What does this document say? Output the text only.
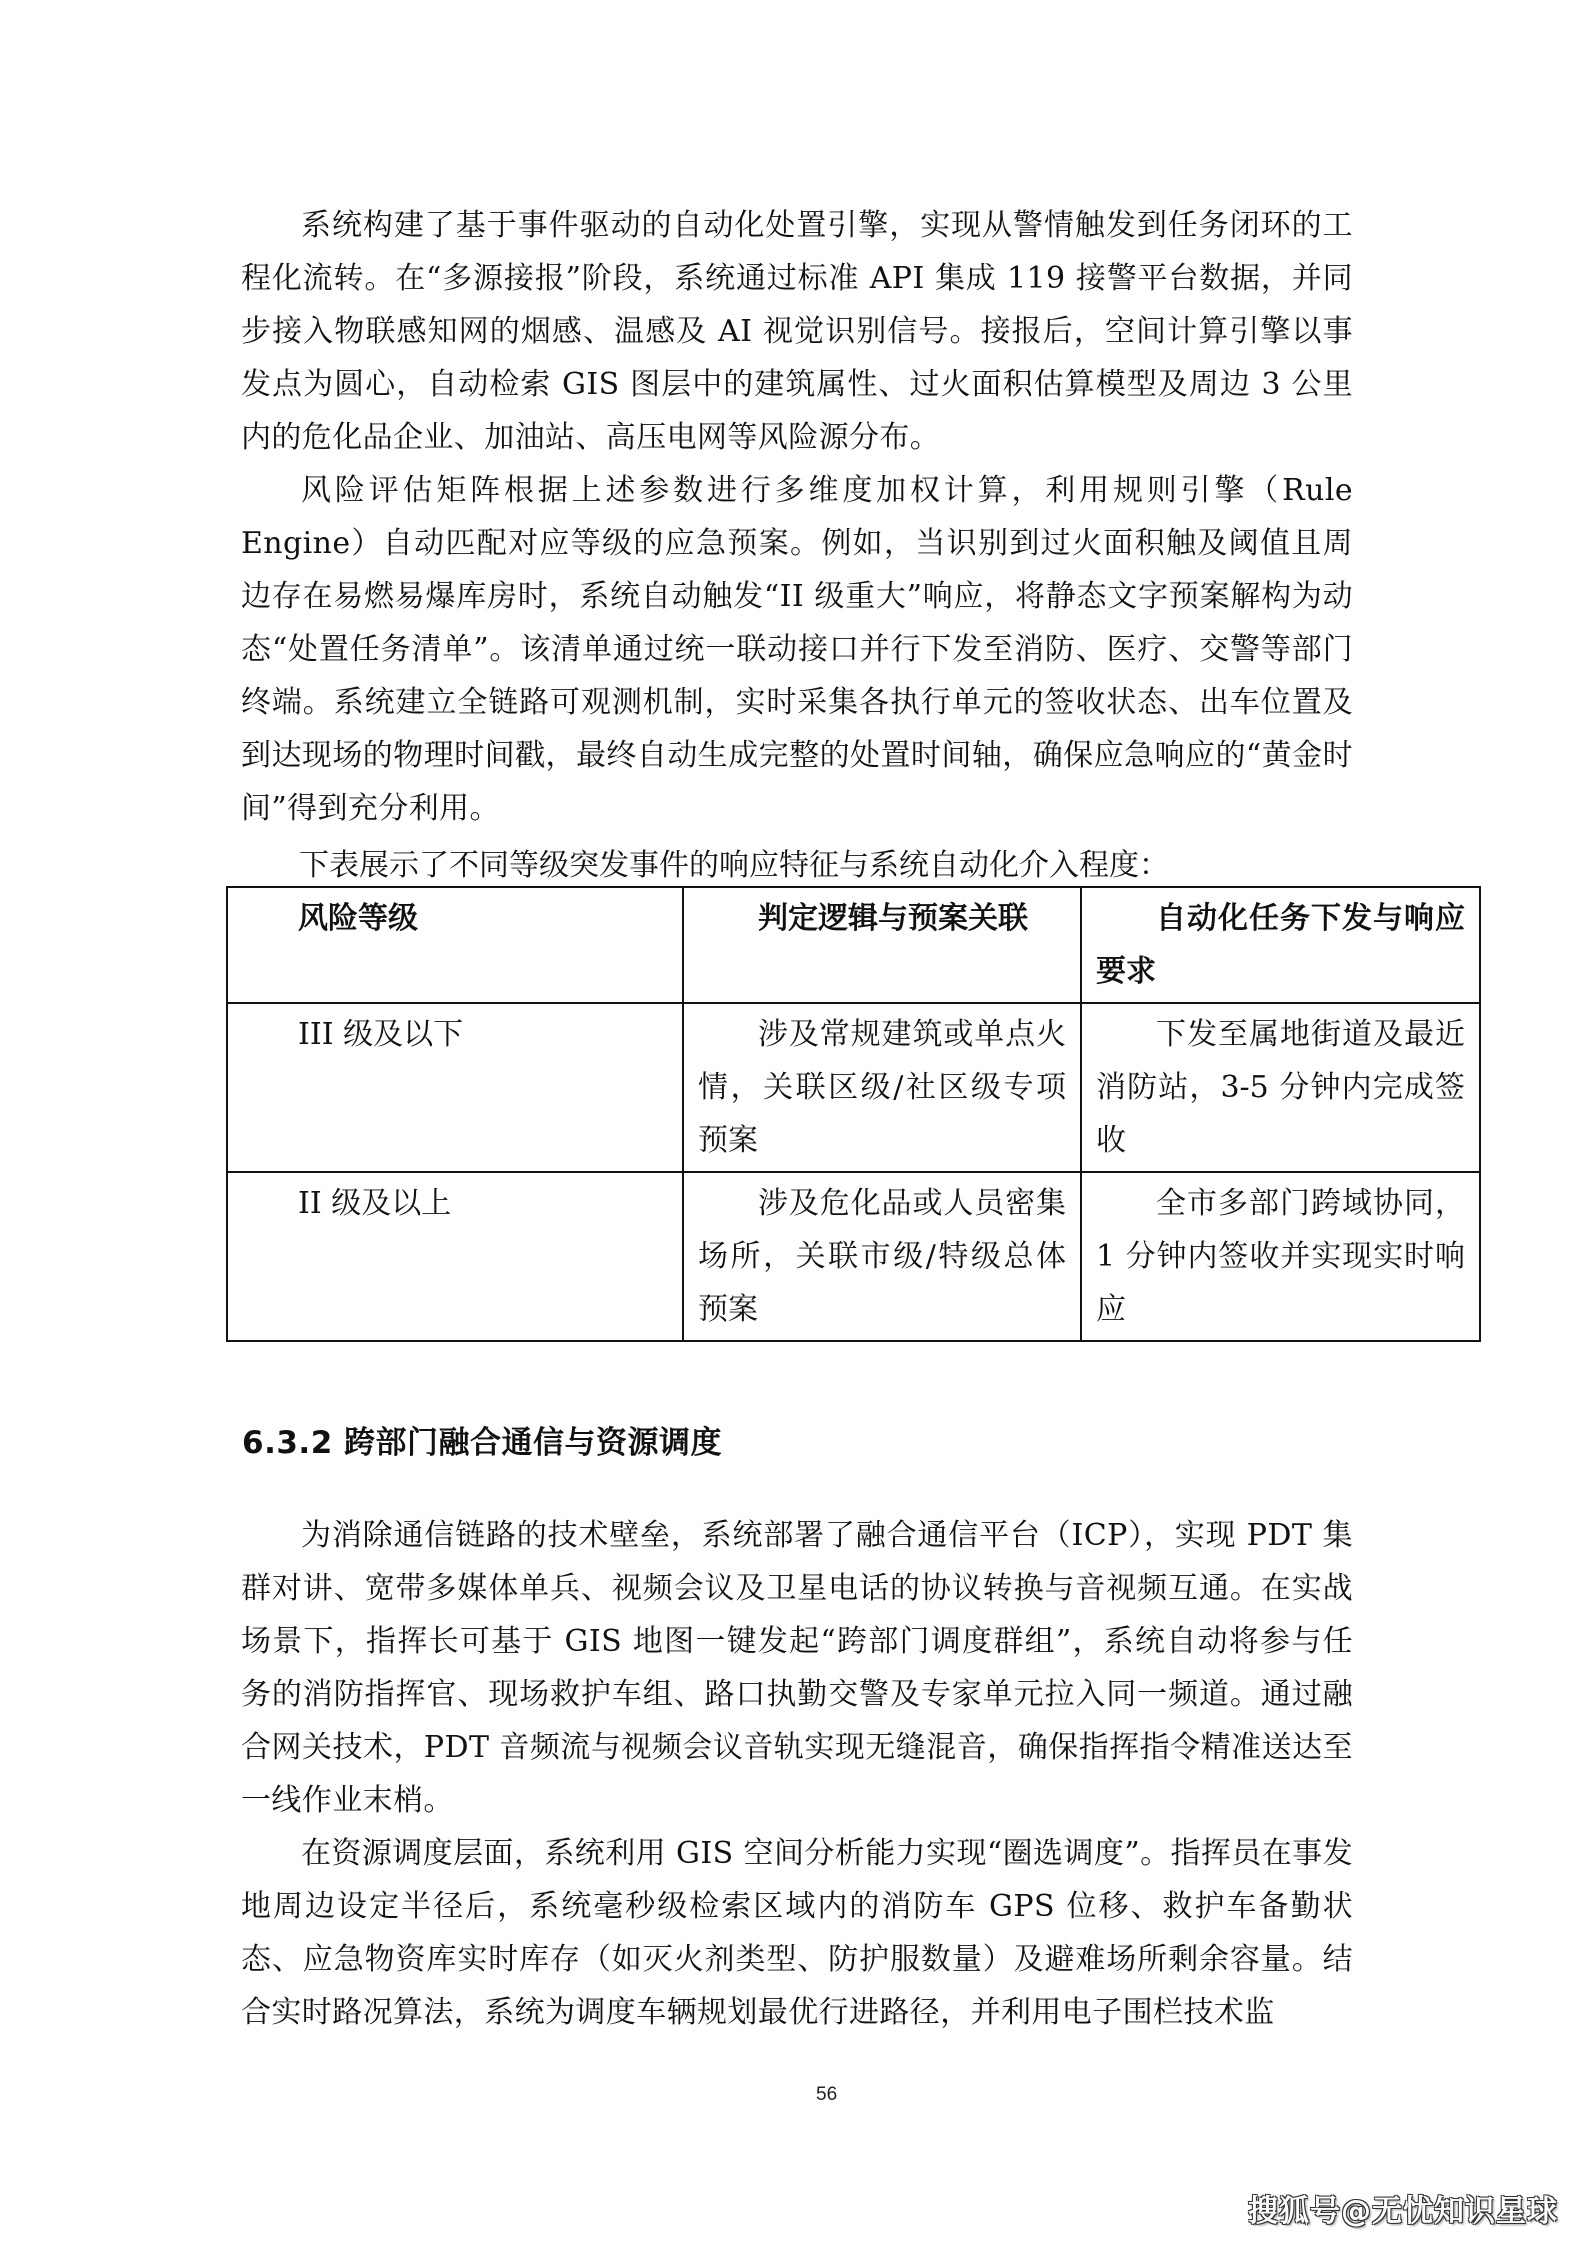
系统构建了基于事件驱动的自动化处置引擎，实现从警情触发到任务闭环的工程化流转。在“多源接报”阶段，系统通过标准 API 集成 119 接警平台数据，并同步接入物联感知网的烟感、温感及 AI 视觉识别信号。接报后，空间计算引擎以事发点为圆心，自动检索 GIS 图层中的建筑属性、过火面积估算模型及周边 3 公里内的危化品企业、加油站、高压电网等风险源分布。

风险评估矩阵根据上述参数进行多维度加权计算，利用规则引擎（Rule Engine）自动匹配对应等级的应急预案。例如，当识别到过火面积触及阈值且周边存在易燃易爆库房时，系统自动触发“II 级重大”响应，将静态文字预案解构为动态“处置任务清单”。该清单通过统一联动接口并行下发至消防、医疗、交警等部门终端。系统建立全链路可观测机制，实时采集各执行单元的签收状态、出车位置及到达现场的物理时间戳，最终自动生成完整的处置时间轴，确保应急响应的“黄金时间”得到充分利用。

下表展示了不同等级突发事件的响应特征与系统自动化介入程度：

风险等级	判定逻辑与预案关联	自动化任务下发与响应要求
III 级及以下	涉及常规建筑或单点火情，关联区级/社区级专项预案	下发至属地街道及最近消防站，3-5 分钟内完成签收
II 级及以上	涉及危化品或人员密集场所，关联市级/特级总体预案	全市多部门跨域协同，1 分钟内签收并实现实时响应
6.3.2 跨部门融合通信与资源调度

为消除通信链路的技术壁垒，系统部署了融合通信平台（ICP），实现 PDT 集群对讲、宽带多媒体单兵、视频会议及卫星电话的协议转换与音视频互通。在实战场景下，指挥长可基于 GIS 地图一键发起“跨部门调度群组”，系统自动将参与任务的消防指挥官、现场救护车组、路口执勤交警及专家单元拉入同一频道。通过融合网关技术，PDT 音频流与视频会议音轨实现无缝混音，确保指挥指令精准送达至一线作业末梢。

在资源调度层面，系统利用 GIS 空间分析能力实现“圈选调度”。指挥员在事发地周边设定半径后，系统毫秒级检索区域内的消防车 GPS 位移、救护车备勤状态、应急物资库实时库存（如灭火剂类型、防护服数量）及避难场所剩余容量。结合实时路况算法，系统为调度车辆规划最优行进路径，并利用电子围栏技术监

56
搜狐号@无忧知识星球
